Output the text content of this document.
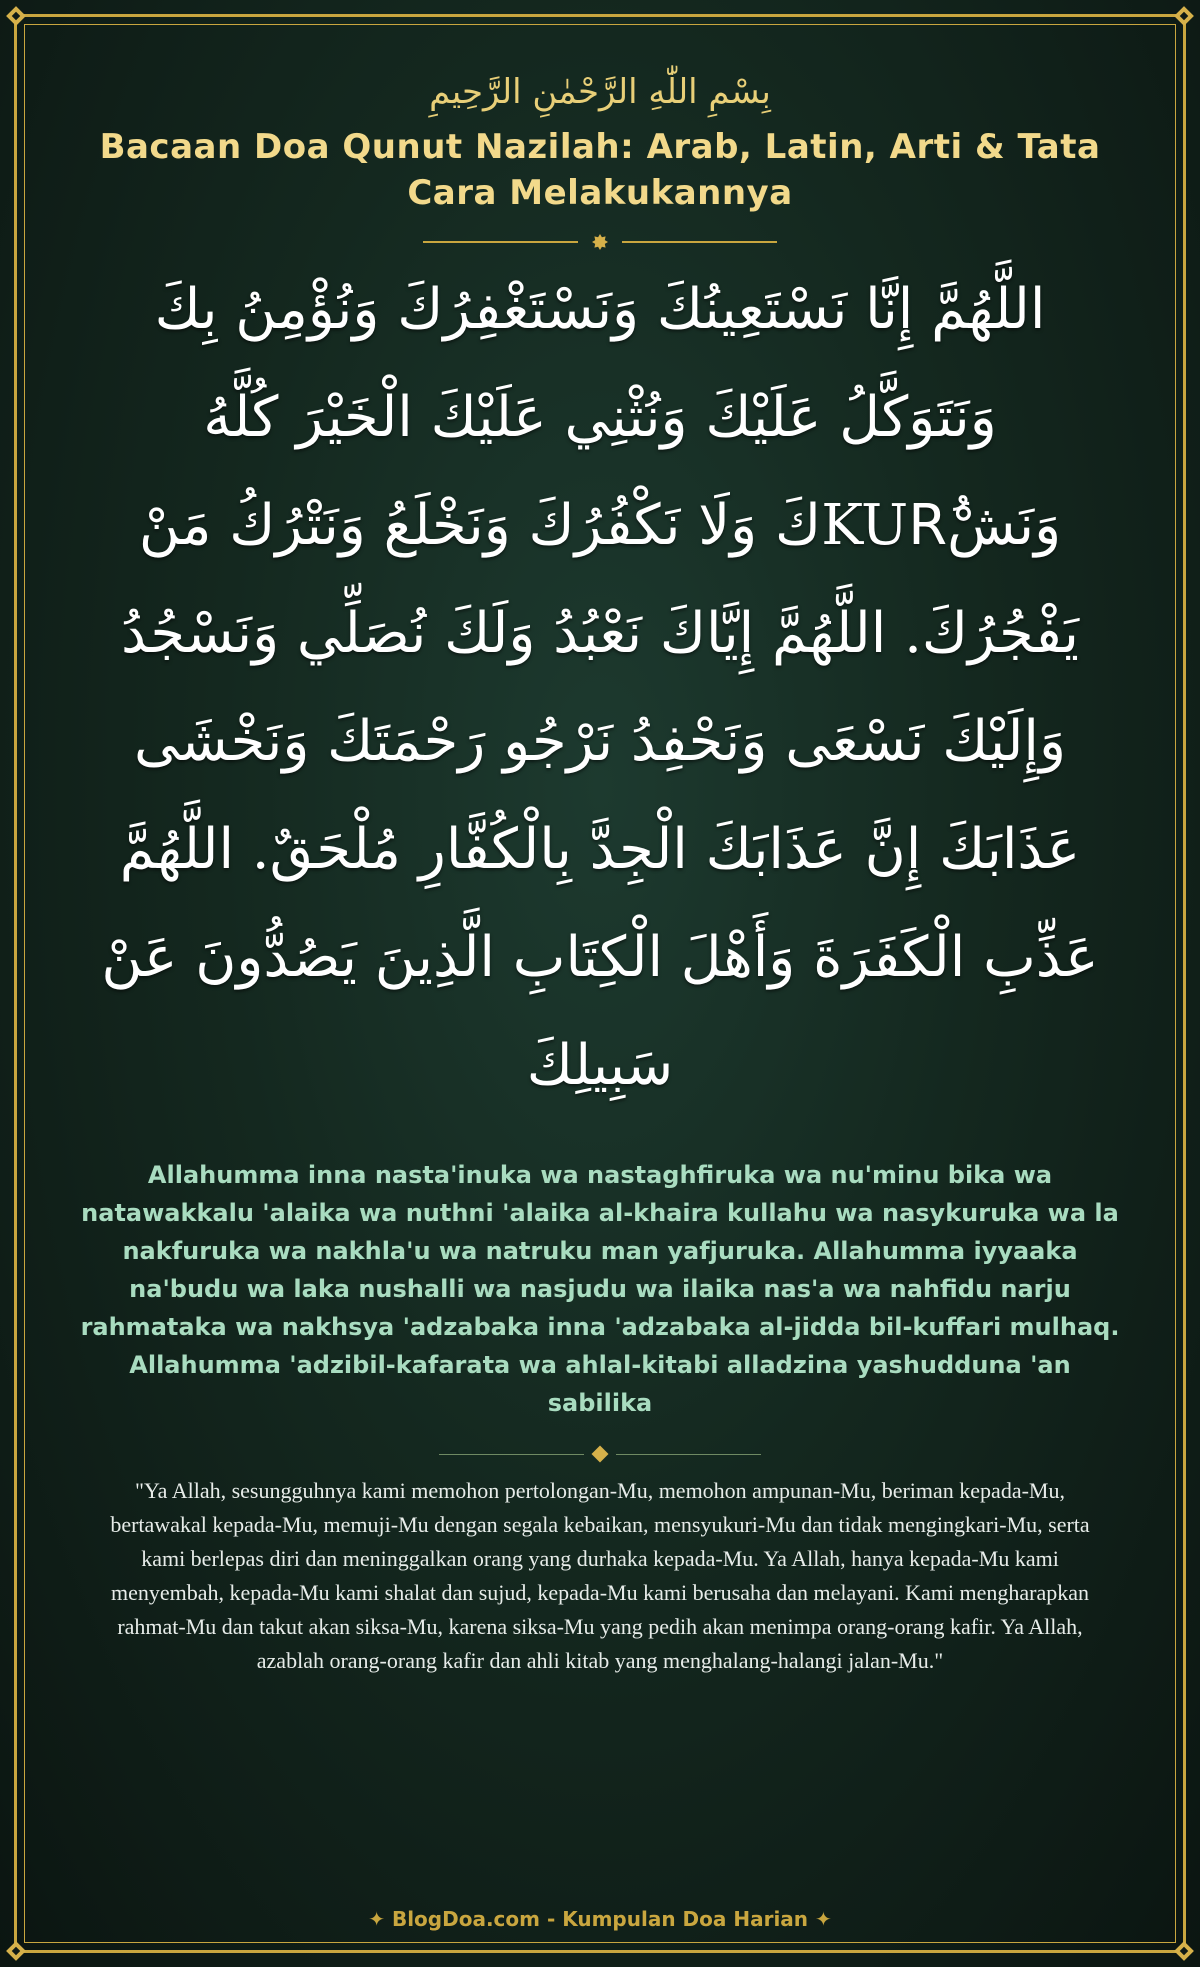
بِسْمِ اللّٰهِ الرَّحْمٰنِ الرَّحِيمِ
Bacaan Doa Qunut Nazilah: Arab, Latin, Arti & Tata Cara Melakukannya
اللَّهُمَّ إِنَّا نَسْتَعِينُكَ وَنَسْتَغْفِرُكَ وَنُؤْمِنُ بِكَ وَنَتَوَكَّلُ عَلَيْكَ وَنُثْنِي عَلَيْكَ الْخَيْرَ كُلَّهُ وَنَشْKURُكَ وَلَا نَكْفُرُكَ وَنَخْلَعُ وَنَتْرُكُ مَنْ يَفْجُرُكَ. اللَّهُمَّ إِيَّاكَ نَعْبُدُ وَلَكَ نُصَلِّي وَنَسْجُدُ وَإِلَيْكَ نَسْعَى وَنَحْفِدُ نَرْجُو رَحْمَتَكَ وَنَخْشَى عَذَابَكَ إِنَّ عَذَابَكَ الْجِدَّ بِالْكُفَّارِ مُلْحَقٌ. اللَّهُمَّ عَذِّبِ الْكَفَرَةَ وَأَهْلَ الْكِتَابِ الَّذِينَ يَصُدُّونَ عَنْ سَبِيلِكَ
Allahumma inna nasta'inuka wa nastaghfiruka wa nu'minu bika wa natawakkalu 'alaika wa nuthni 'alaika al-khaira kullahu wa nasykuruka wa la nakfuruka wa nakhla'u wa natruku man yafjuruka. Allahumma iyyaaka na'budu wa laka nushalli wa nasjudu wa ilaika nas'a wa nahfidu narju rahmataka wa nakhsya 'adzabaka inna 'adzabaka al-jidda bil-kuffari mulhaq. Allahumma 'adzibil-kafarata wa ahlal-kitabi alladzina yashudduna 'an sabilika
"Ya Allah, sesungguhnya kami memohon pertolongan-Mu, memohon ampunan-Mu, beriman kepada-Mu, bertawakal kepada-Mu, memuji-Mu dengan segala kebaikan, mensyukuri-Mu dan tidak mengingkari-Mu, serta kami berlepas diri dan meninggalkan orang yang durhaka kepada-Mu. Ya Allah, hanya kepada-Mu kami menyembah, kepada-Mu kami shalat dan sujud, kepada-Mu kami berusaha dan melayani. Kami mengharapkan rahmat-Mu dan takut akan siksa-Mu, karena siksa-Mu yang pedih akan menimpa orang-orang kafir. Ya Allah, azablah orang-orang kafir dan ahli kitab yang menghalang-halangi jalan-Mu."
✦ BlogDoa.com - Kumpulan Doa Harian ✦
